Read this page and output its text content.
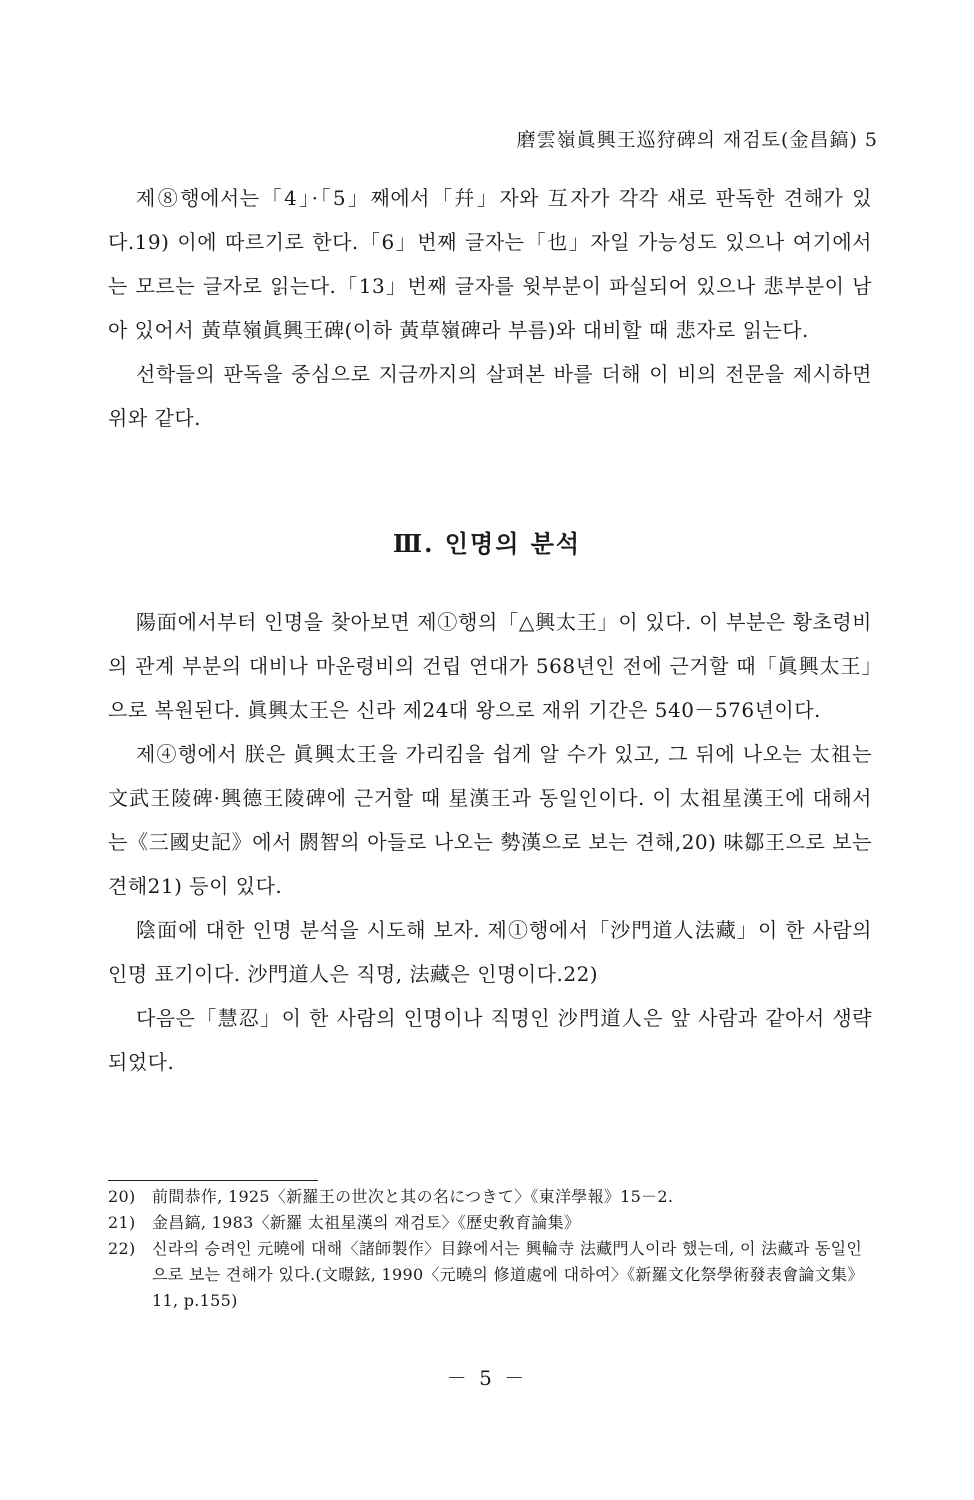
磨雲嶺眞興王巡狩碑의 재검토(金昌鎬) 5

제⑧행에서는「4」·「5」째에서「幷」자와 互자가 각각 새로 판독한 견해가 있다.19) 이에 따르기로 한다.「6」번째 글자는「也」자일 가능성도 있으나 여기에서는 모르는 글자로 읽는다.「13」번째 글자를 윗부분이 파실되어 있으나 悲부분이 남아 있어서 黃草嶺眞興王碑(이하 黃草嶺碑라 부름)와 대비할 때 悲자로 읽는다.

선학들의 판독을 중심으로 지금까지의 살펴본 바를 더해 이 비의 전문을 제시하면 위와 같다.

Ⅲ. 인명의 분석

陽面에서부터 인명을 찾아보면 제①행의「△興太王」이 있다. 이 부분은 황초령비의 관계 부분의 대비나 마운령비의 건립 연대가 568년인 전에 근거할 때「眞興太王」으로 복원된다. 眞興太王은 신라 제24대 왕으로 재위 기간은 540－576년이다.

제④행에서 朕은 眞興太王을 가리킴을 쉽게 알 수가 있고, 그 뒤에 나오는 太祖는 文武王陵碑·興德王陵碑에 근거할 때 星漢王과 동일인이다. 이 太祖星漢王에 대해서는《三國史記》에서 閼智의 아들로 나오는 勢漢으로 보는 견해,20) 味鄒王으로 보는 견해21) 등이 있다.

陰面에 대한 인명 분석을 시도해 보자. 제①행에서「沙門道人法藏」이 한 사람의 인명 표기이다. 沙門道人은 직명, 法藏은 인명이다.22)

다음은「慧忍」이 한 사람의 인명이나 직명인 沙門道人은 앞 사람과 같아서 생략되었다.

20)	前間恭作, 1925〈新羅王の世次と其の名につきて〉《東洋學報》15－2.
21)	金昌鎬, 1983〈新羅 太祖星漢의 재검토〉《歷史敎育論集》
22)	신라의 승려인 元曉에 대해〈諸師製作〉目錄에서는 興輪寺 法藏門人이라 했는데, 이 法藏과 동일인으로 보는 견해가 있다.(文暻鉉, 1990〈元曉의 修道處에 대하여〉《新羅文化祭學術發表會論文集》11, p.155)
－ 5 －
